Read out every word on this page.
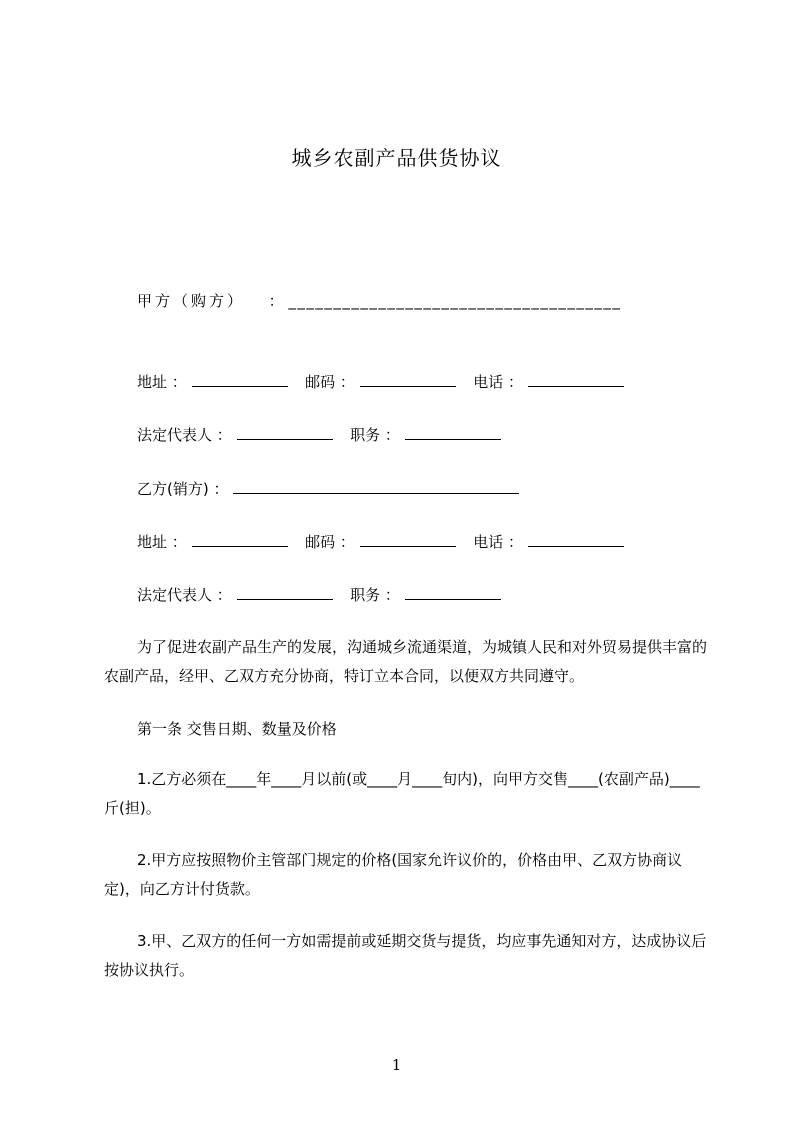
城乡农副产品供货协议
甲方（购方） ： _____________________________________
地址 ：	邮码 ：	电话 ：
法定代表人 ：	职务 ：
乙方(销方) ：
地址 ：	邮码 ：	电话 ：
法定代表人 ：	职务 ：
为了促进农副产品生产的发展，沟通城乡流通渠道，为城镇人民和对外贸易提供丰富的农副产品，经甲、乙双方充分协商，特订立本合同，以便双方共同遵守。
第一条 交售日期、数量及价格
1.乙方必须在____年____月以前(或____月____旬内)，向甲方交售____(农副产品)____斤(担)。
2.甲方应按照物价主管部门规定的价格(国家允许议价的，价格由甲、乙双方协商议定)，向乙方计付货款。
3.甲、乙双方的任何一方如需提前或延期交货与提货，均应事先通知对方，达成协议后按协议执行。
1
